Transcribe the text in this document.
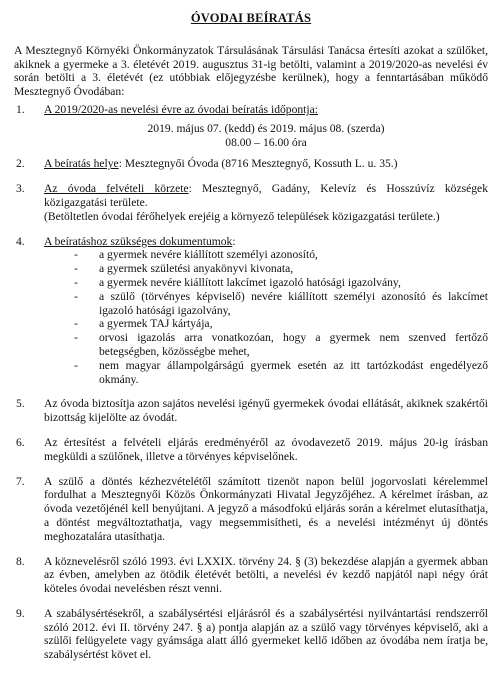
ÓVODAI BEÍRATÁS
A Mesztegnyő Környéki Önkormányzatok Társulásának Társulási Tanácsa értesíti azokat a szülőket, akiknek a gyermeke a 3. életévét 2019. augusztus 31-ig betölti, valamint a 2019/2020-as nevelési év során betölti a 3. életévét (ez utóbbiak előjegyzésbe kerülnek), hogy a fenntartásában működő Mesztegnyő Óvodában:
1.	A 2019/2020-as nevelési évre az óvodai beíratás időpontja:

2019. május 07. (kedd) és 2019. május 08. (szerda)

08.00 – 16.00 óra

2.	A beíratás helye: Mesztegnyői Óvoda (8716 Mesztegnyő, Kossuth L. u. 35.)
3.	Az óvoda felvételi körzete: Mesztegnyő, Gadány, Kelevíz és Hosszúvíz községek közigazgatási területe.
(Betöltetlen óvodai férőhelyek erejéig a környező települések közigazgatási területe.)
4.	A beíratáshoz szükséges dokumentumok:
-	a gyermek nevére kiállított személyi azonosító,
-	a gyermek születési anyakönyvi kivonata,
-	a gyermek nevére kiállított lakcímet igazoló hatósági igazolvány,
-	a szülő (törvényes képviselő) nevére kiállított személyi azonosító és lakcímet igazoló hatósági igazolvány,
-	a gyermek TAJ kártyája,
-	orvosi igazolás arra vonatkozóan, hogy a gyermek nem szenved fertőző betegségben, közösségbe mehet,
-	nem magyar állampolgárságú gyermek esetén az itt tartózkodást engedélyező okmány.
5.	Az óvoda biztosítja azon sajátos nevelési igényű gyermekek óvodai ellátását, akiknek szakértői bizottság kijelölte az óvodát.
6.	Az értesítést a felvételi eljárás eredményéről az óvodavezető 2019. május 20-ig írásban megküldi a szülőnek, illetve a törvényes képviselőnek.
7.	A szülő a döntés kézhezvételétől számított tizenöt napon belül jogorvoslati kérelemmel fordulhat a Mesztegnyői Közös Önkormányzati Hivatal Jegyzőjéhez. A kérelmet írásban, az óvoda vezetőjénél kell benyújtani. A jegyző a másodfokú eljárás során a kérelmet elutasíthatja, a döntést megváltoztathatja, vagy megsemmisítheti, és a nevelési intézményt új döntés meghozatalára utasíthatja.
8.	A köznevelésről szóló 1993. évi LXXIX. törvény 24. § (3) bekezdése alapján a gyermek abban az évben, amelyben az ötödik életévét betölti, a nevelési év kezdő napjától napi négy órát köteles óvodai nevelésben részt venni.
9.	A szabálysértésekről, a szabálysértési eljárásról és a szabálysértési nyilvántartási rendszerről szóló 2012. évi II. törvény 247. § a) pontja alapján az a szülő vagy törvényes képviselő, aki a szülői felügyelete vagy gyámsága alatt álló gyermeket kellő időben az óvodába nem íratja be, szabálysértést követ el.
